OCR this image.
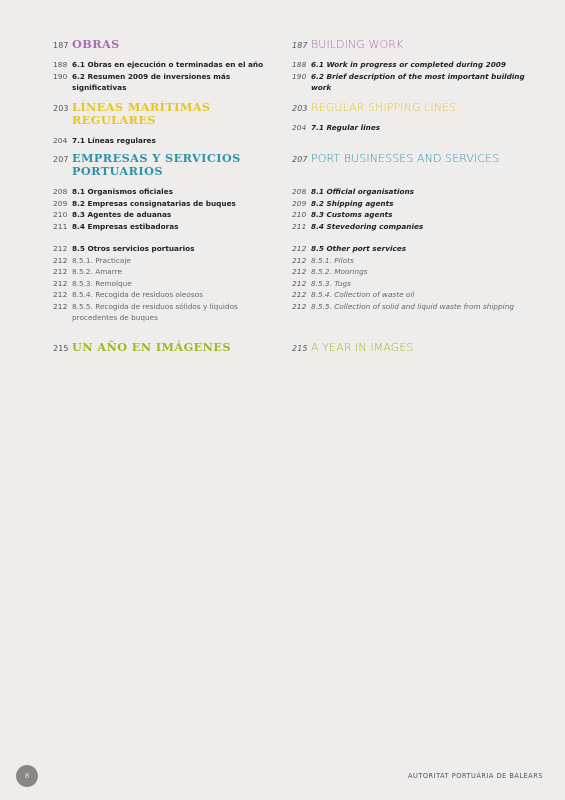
187 OBRAS
188 6.1 Obras en ejecución o terminadas en el año
190 6.2 Resumen 2009 de inversiones más significativas
203 LÍNEAS MARÍTIMAS REGULARES
204 7.1 Líneas regulares
207 EMPRESAS Y SERVICIOS
PORTUARIOS
208 8.1 Organismos oficiales
209 8.2 Empresas consignatarias de buques
210 8.3 Agentes de aduanas
211 8.4 Empresas estibadoras
212 8.5 Otros servicios portuarios
212 8.5.1. Practicaje
212 8.5.2. Amarre
212 8.5.3. Remolque
212 8.5.4. Recogida de residuos oleosos
212 8.5.5. Recogida de residuos sólidos y líquidos
procedentes de buques
215 UN AÑO EN IMÁGENES
187 BUILDING WORK
188 6.1 Work in progress or completed during 2009
190 6.2 Brief description of the most important building work
203 REGULAR SHIPPING LINES
204 7.1 Regular lines
207 PORT BUSINESSES AND SERVICES
208 8.1 Official organisations
209 8.2 Shipping agents
210 8.3 Customs agents
211 8.4 Stevedoring companies
212 8.5 Other port services
212 8.5.1. Pilots
212 8.5.2. Moorings
212 8.5.3. Tugs
212 8.5.4. Collection of waste oil
212 8.5.5. Collection of solid and liquid waste from shipping
215 A YEAR IN IMAGES
8	AUTORITAT PORTUÀRIA DE BALEARS
